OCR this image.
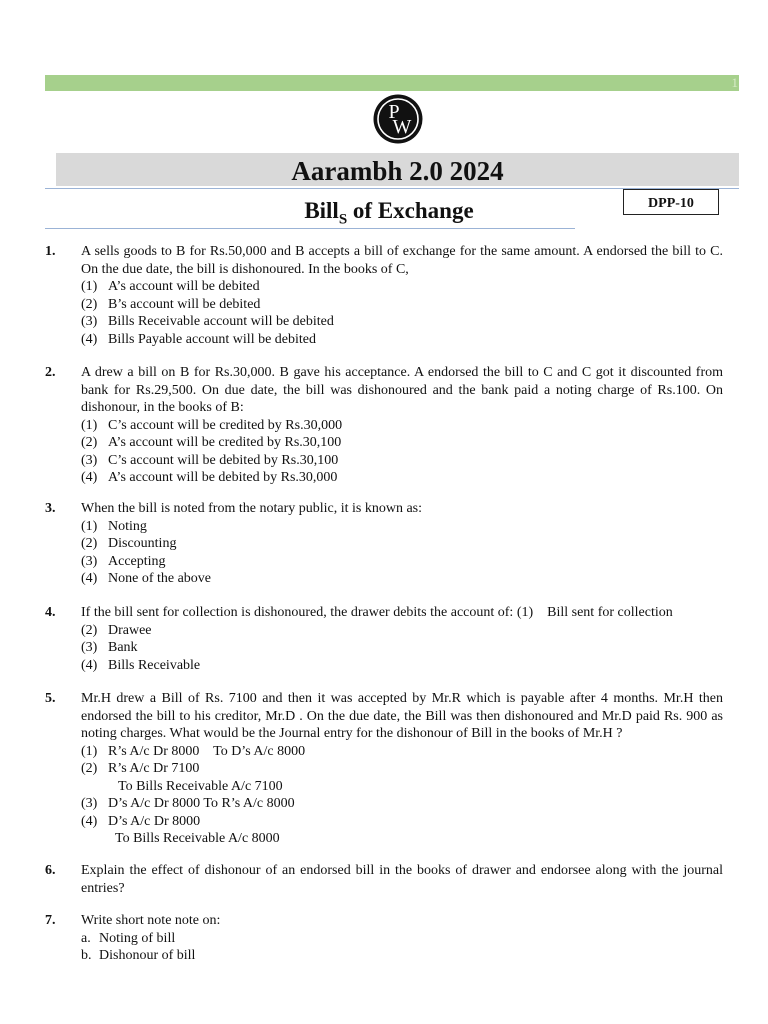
1
P
W
Aarambh 2.0 2024
Bill$_S$ of Exchange	DPP-10
1. A sells goods to B for Rs.50,000 and B accepts a bill of exchange for the same amount. A endorsed the bill to C. On the due date, the bill is dishonoured. In the books of C,
(1) A’s account will be debited
(2) B’s account will be debited
(3) Bills Receivable account will be debited
(4) Bills Payable account will be debited
2. A drew a bill on B for Rs.30,000. B gave his acceptance. A endorsed the bill to C and C got it discounted from bank for Rs.29,500. On due date, the bill was dishonoured and the bank paid a noting charge of Rs.100. On dishonour, in the books of B:
(1) C’s account will be credited by Rs.30,000
(2) A’s account will be credited by Rs.30,100
(3) C’s account will be debited by Rs.30,100
(4) A’s account will be debited by Rs.30,000
3. When the bill is noted from the notary public, it is known as:
(1) Noting
(2) Discounting
(3) Accepting
(4) None of the above
4. If the bill sent for collection is dishonoured, the drawer debits the account of: (1)    Bill sent for collection
(2) Drawee
(3) Bank
(4) Bills Receivable
5. Mr.H drew a Bill of Rs. 7100 and then it was accepted by Mr.R which is payable after 4 months. Mr.H then endorsed the bill to his creditor, Mr.D . On the due date, the Bill was then dishonoured and Mr.D paid Rs. 900 as noting charges. What would be the Journal entry for the dishonour of Bill in the books of Mr.H ?
(1) R’s A/c Dr 8000    To D’s A/c 8000
(2) R’s A/c Dr 7100
To Bills Receivable A/c 7100
(3) D’s A/c Dr 8000 To R’s A/c 8000
(4) D’s A/c Dr 8000
To Bills Receivable A/c 8000
6. Explain the effect of dishonour of an endorsed bill in the books of drawer and endorsee along with the journal entries?
7. Write short note note on:
a. Noting of bill
b. Dishonour of bill
